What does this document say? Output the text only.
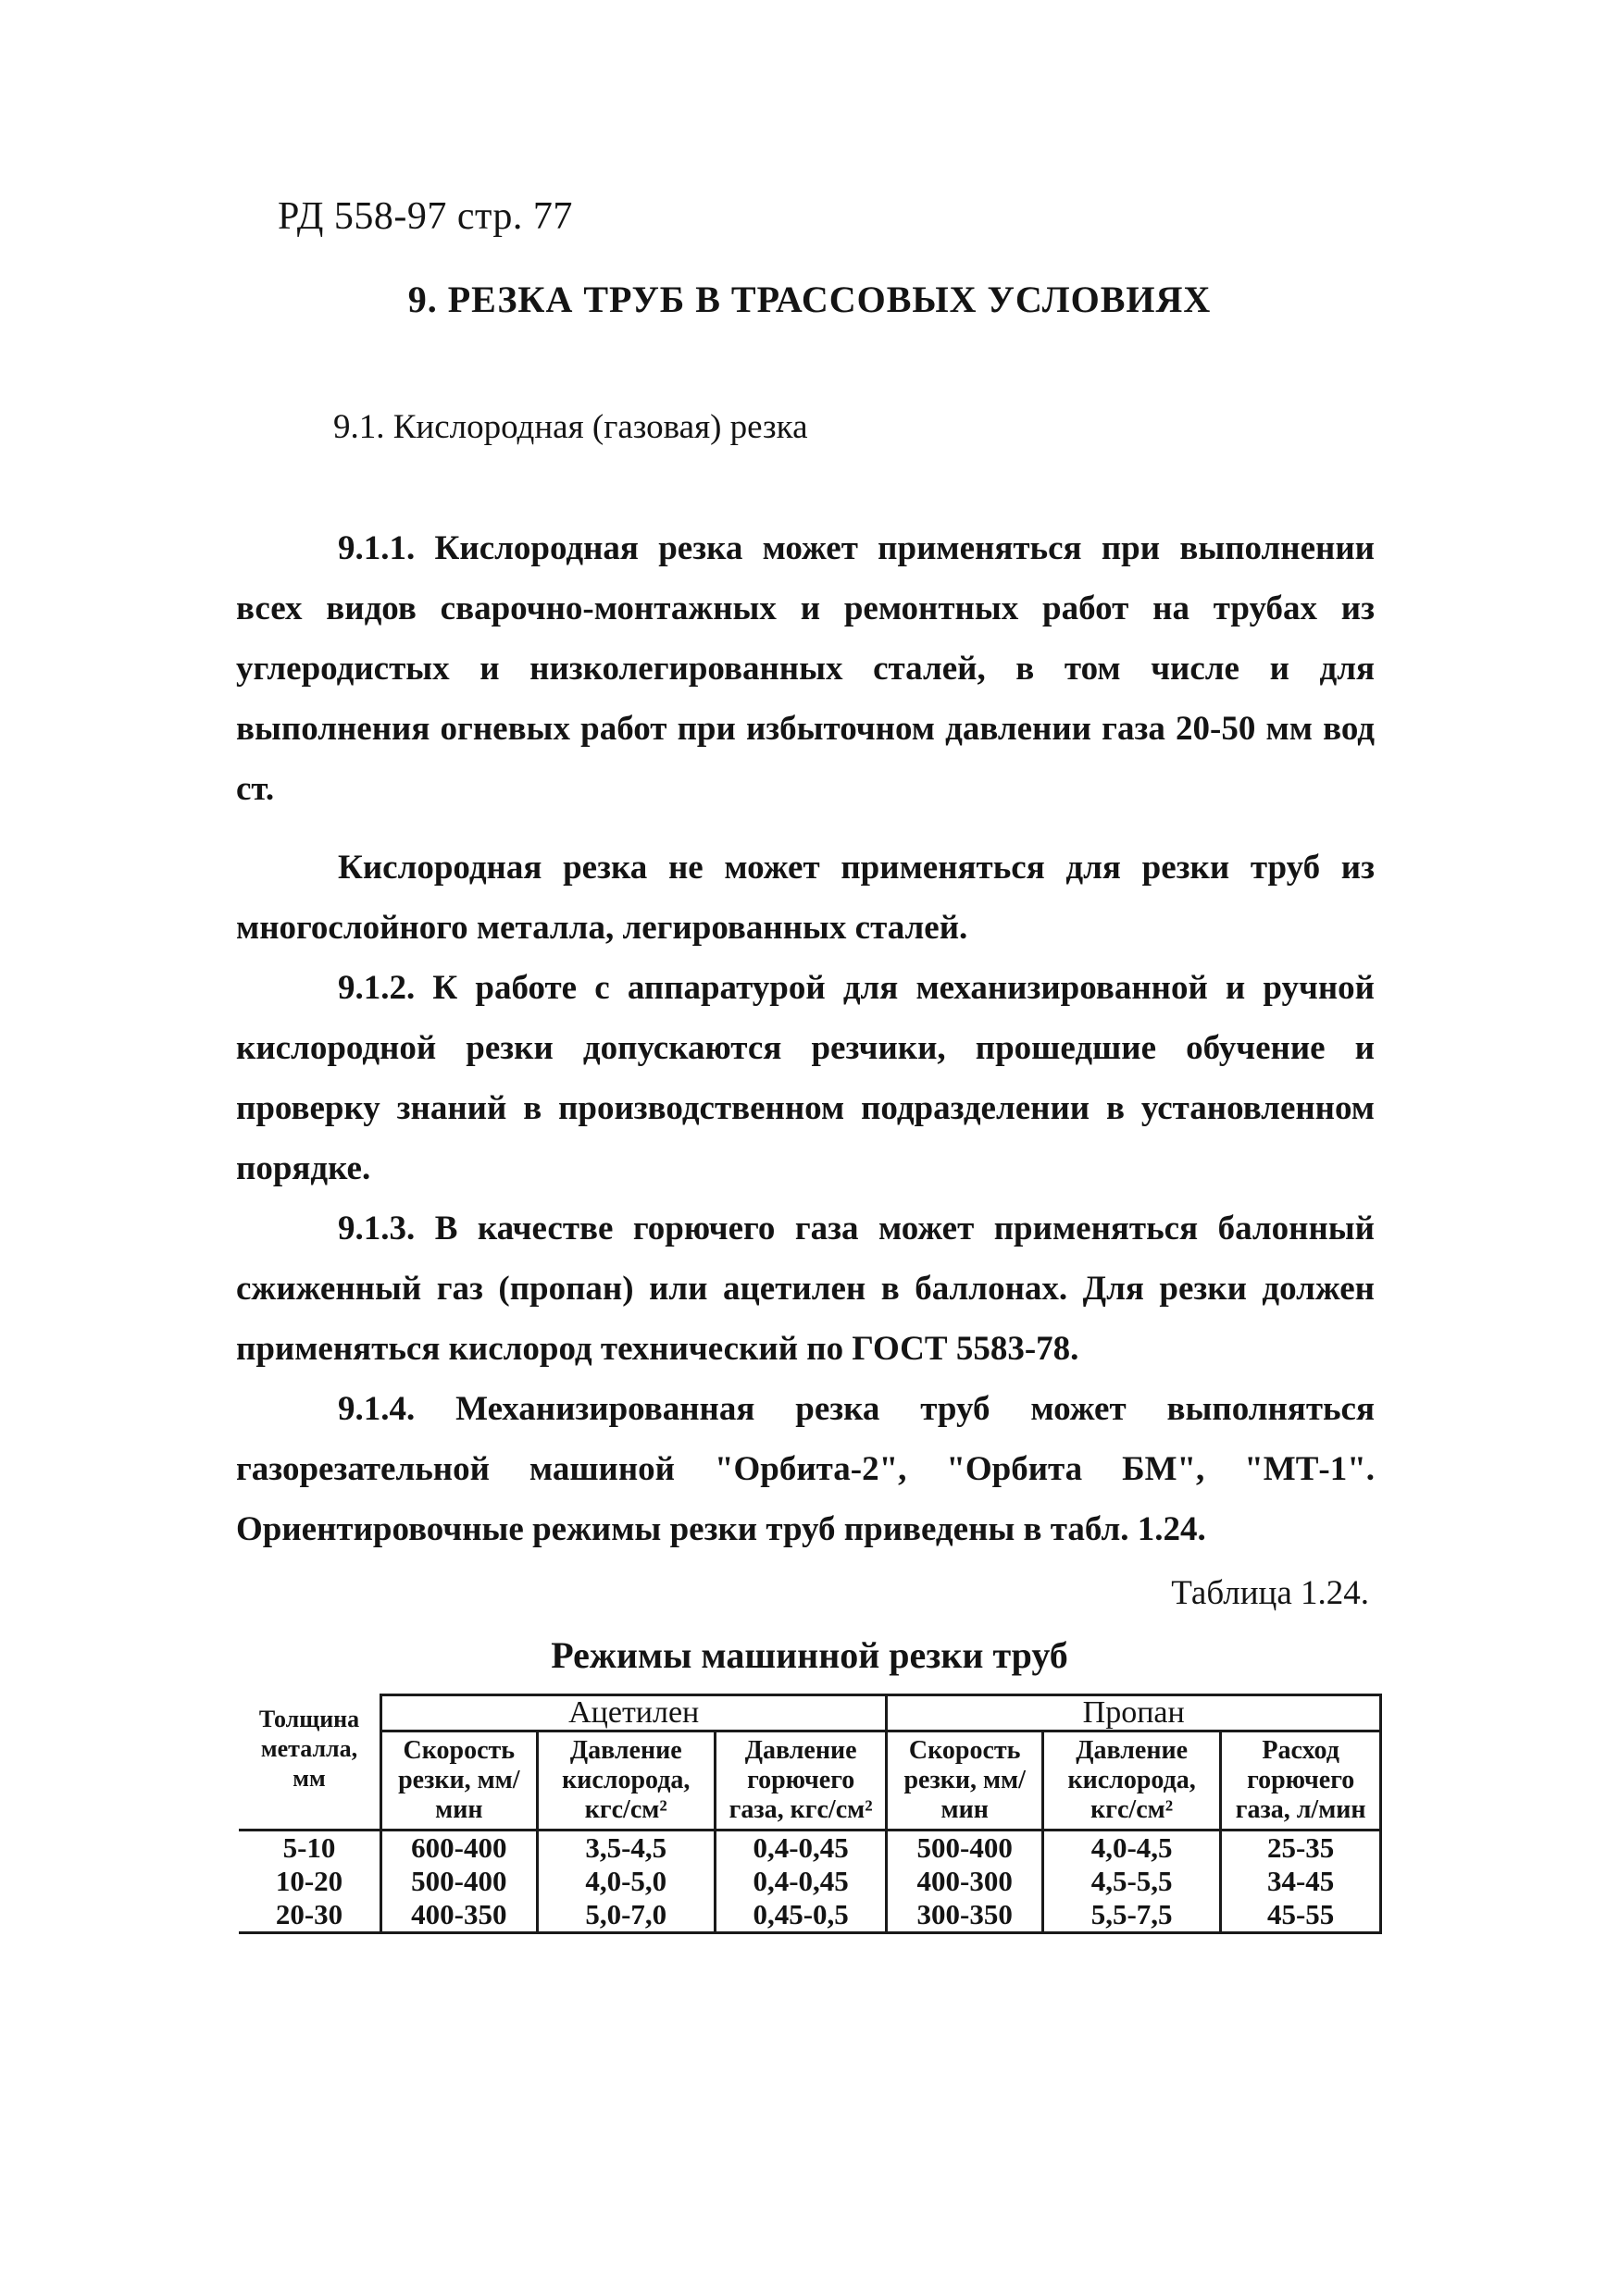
РД 558-97 стр. 77
9. РЕЗКА ТРУБ В ТРАССОВЫХ УСЛОВИЯХ
9.1. Кислородная (газовая) резка

9.1.1. Кислородная резка может применяться при выполнении всех видов сварочно-монтажных и ремонтных работ на трубах из углеродистых и низколегированных сталей, в том числе и для выполнения огневых работ при избыточном давлении газа 20-50 мм вод ст.

Кислородная резка не может применяться для резки труб из многослойного металла, легированных сталей.

9.1.2. К работе с аппаратурой для механизированной и ручной кислородной резки допускаются резчики, прошедшие обучение и проверку знаний в производственном подразделении в установленном порядке.

9.1.3. В качестве горючего газа может применяться балонный сжиженный газ (пропан) или ацетилен в баллонах. Для резки должен применяться кислород технический по ГОСТ 5583-78.

9.1.4. Механизированная резка труб может выполняться газорезательной машиной "Орбита-2", "Орбита БМ", "МТ-1". Ориентировочные режимы резки труб приведены в табл. 1.24.

Таблица 1.24.
Режимы машинной резки труб
Толщина металла, мм	Ацетилен			Пропан		
	Скорость резки, мм/мин	Давление кислорода, кгс/см²	Давление горючего газа, кгс/см²	Скорость резки, мм/мин	Давление кислорода, кгс/см²	Расход горючего газа, л/мин
5-10	600-400	3,5-4,5	0,4-0,45	500-400	4,0-4,5	25-35
10-20	500-400	4,0-5,0	0,4-0,45	400-300	4,5-5,5	34-45
20-30	400-350	5,0-7,0	0,45-0,5	300-350	5,5-7,5	45-55
